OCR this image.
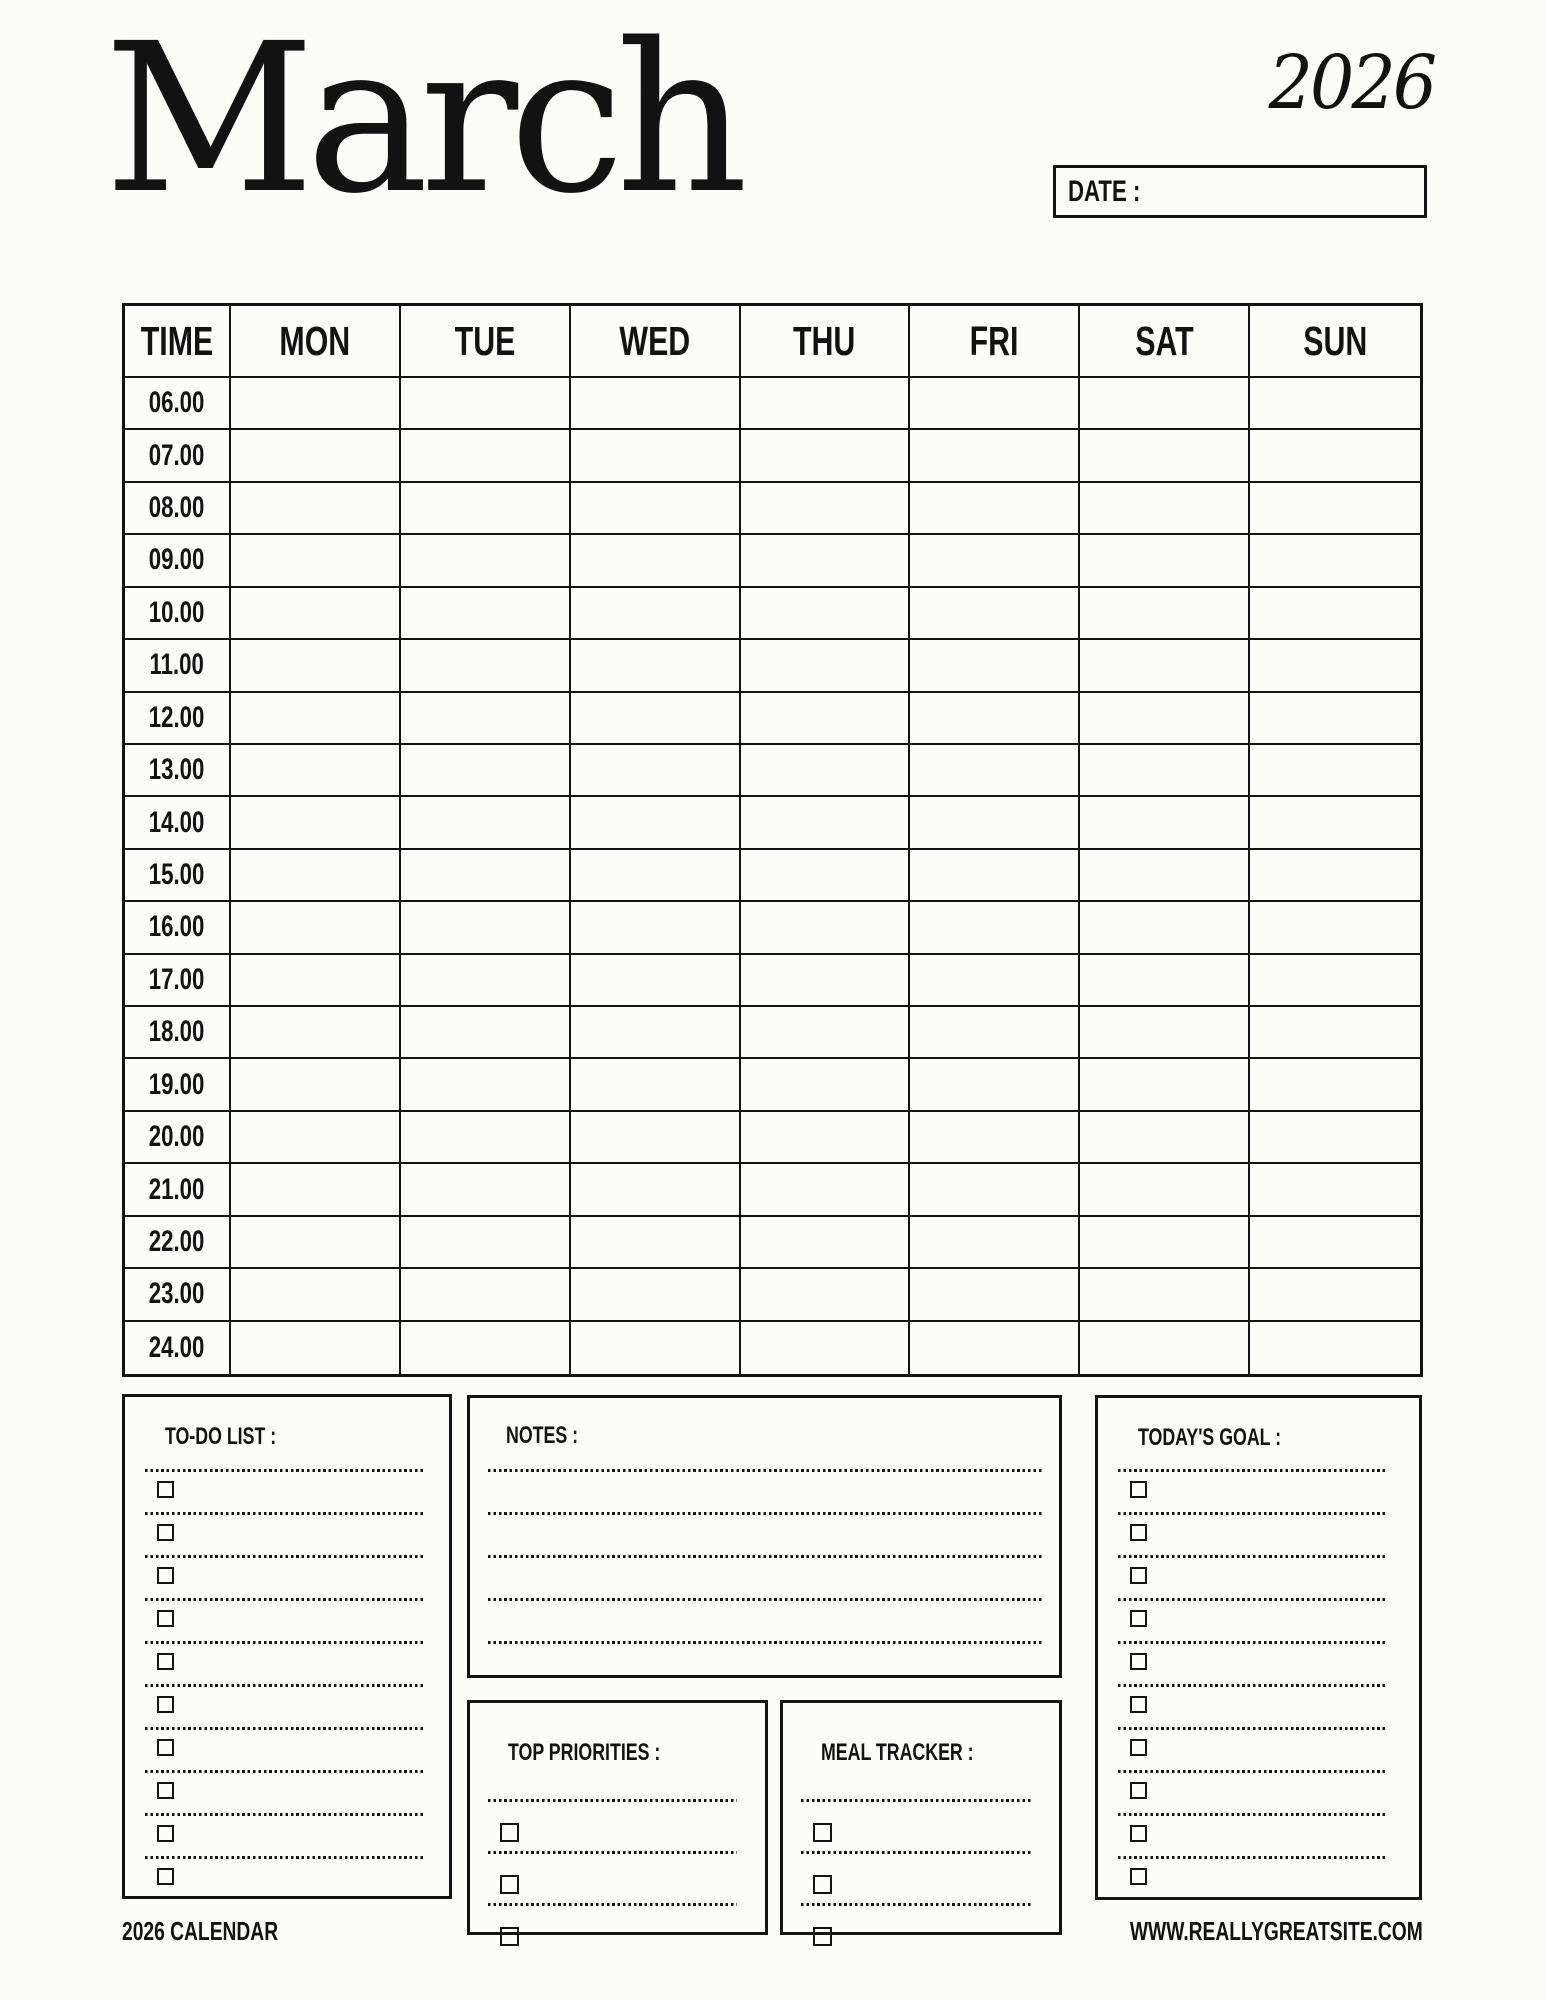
March	2026
DATE :
TIME MON	TUE	WED	THU	FRI	SAT	SUN
06.00
07.00
08.00
09.00
10.00
11.00
12.00
13.00
14.00
15.00
16.00
17.00
18.00
19.00
20.00
21.00
22.00
23.00
24.00
TO-DO LIST :	NOTES :
TOP PRIORITIES :	MEAL TRACKER :
TODAY'S GOAL :
2026 CALENDAR	WWW.REALLYGREATSITE.COM
